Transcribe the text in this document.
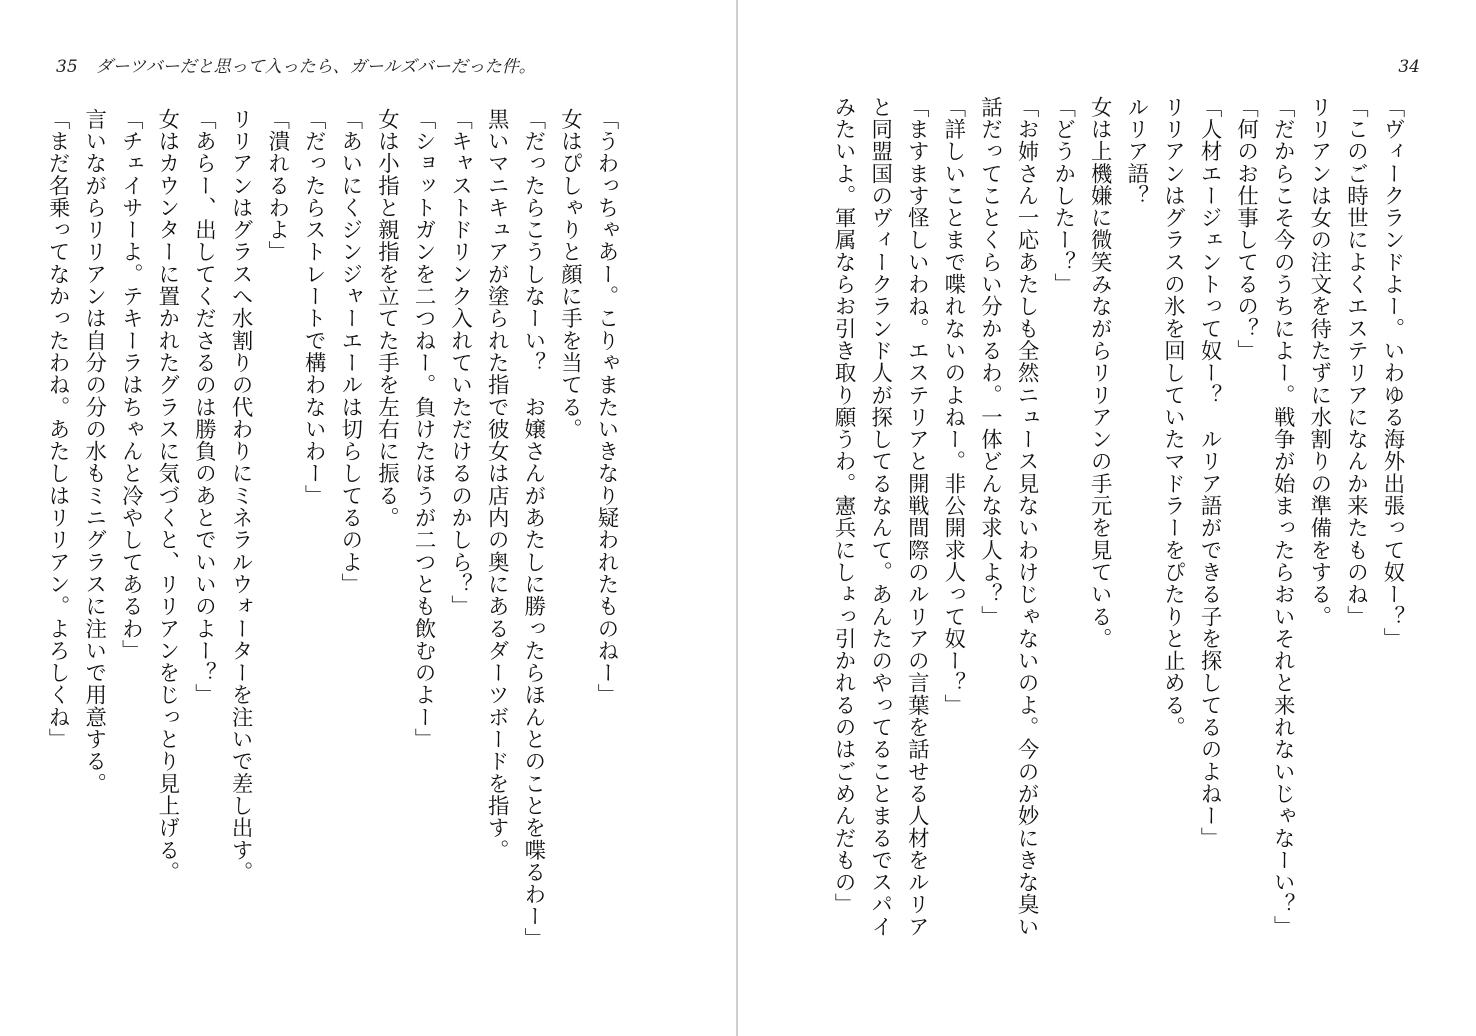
35 ダーツバーだと思って入ったら、ガールズバーだった件。
「うわっちゃあー。こりゃまたいきなり疑われたものねー」
女はぴしゃりと顔に手を当てる。
「だったらこうしなーい？　お嬢さんがあたしに勝ったらほんとのことを喋るわー」
黒いマニキュアが塗られた指で彼女は店内の奥にあるダーツボードを指す。
「キャストドリンク入れていただけるのかしら？」
「ショットガンを二つねー。負けたほうが二つとも飲むのよー」
女は小指と親指を立てた手を左右に振る。
「あいにくジンジャーエールは切らしてるのよ」
「だったらストレートで構わないわー」
「潰れるわよ」
リリアンはグラスへ水割りの代わりにミネラルウォーターを注いで差し出す。
「あらー、出してくださるのは勝負のあとでいいのよー？」
女はカウンターに置かれたグラスに気づくと、リリアンをじっとり見上げる。
「チェイサーよ。テキーラはちゃんと冷やしてあるわ」
言いながらリリアンは自分の分の水もミニグラスに注いで用意する。
「まだ名乗ってなかったわね。あたしはリリアン。よろしくね」
34
「ヴィークランドよー。いわゆる海外出張って奴ー？」
「このご時世によくエステリアになんか来たものね」
リリアンは女の注文を待たずに水割りの準備をする。
「だからこそ今のうちによー。戦争が始まったらおいそれと来れないじゃなーい？」
「何のお仕事してるの？」
「人材エージェントって奴ー？　ルリア語ができる子を探してるのよねー」
リリアンはグラスの氷を回していたマドラーをぴたりと止める。
ルリア語？
女は上機嫌に微笑みながらリリアンの手元を見ている。
「どうかしたー？」
「お姉さん一応あたしも全然ニュース見ないわけじゃないのよ。今のが妙にきな臭い
話だってことくらい分かるわ。一体どんな求人よ？」
「詳しいことまで喋れないのよねー。非公開求人って奴ー？」
「ますます怪しいわね。エステリアと開戦間際のルリアの言葉を話せる人材をルリア
と同盟国のヴィークランド人が探してるなんて。あんたのやってることまるでスパイ
みたいよ。軍属ならお引き取り願うわ。憲兵にしょっ引かれるのはごめんだもの」
